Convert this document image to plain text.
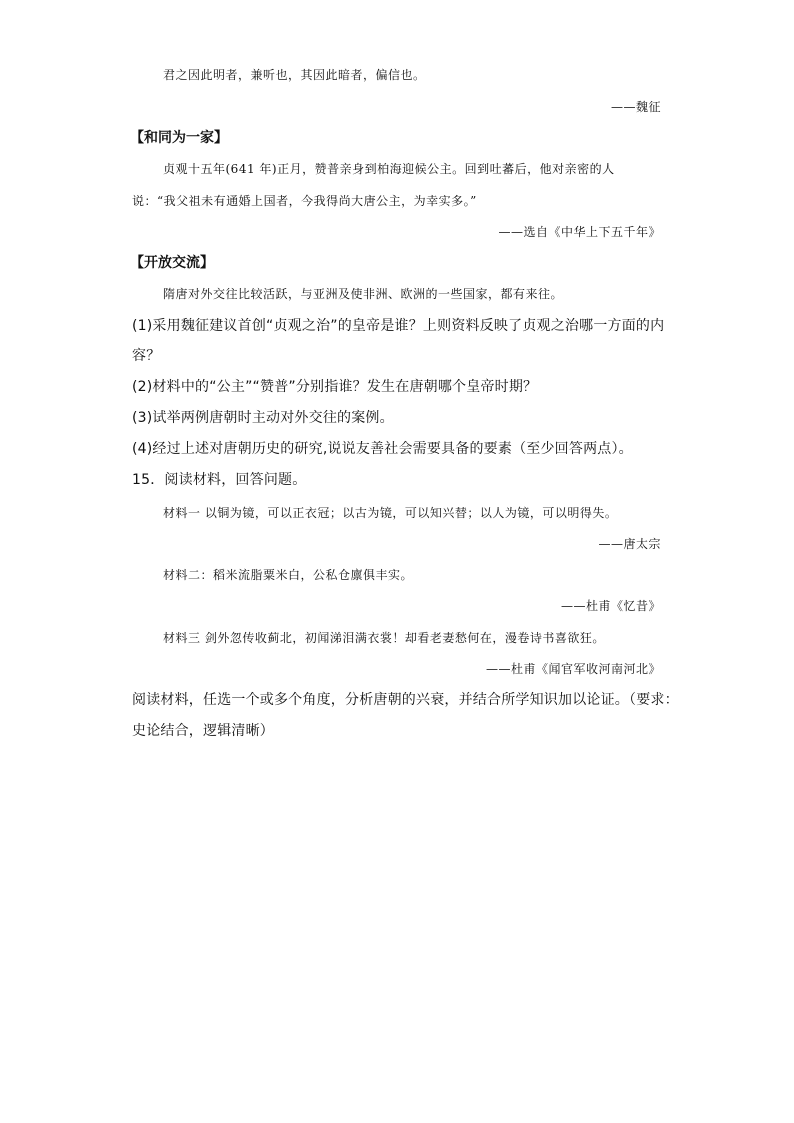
君之因此明者，兼听也，其因此暗者，偏信也。
——魏征
【和同为一家】
贞观十五年(641 年)正月，赞普亲身到柏海迎候公主。回到吐蕃后，他对亲密的人
说：“我父祖未有通婚上国者，今我得尚大唐公主，为幸实多。”
——选自《中华上下五千年》
【开放交流】
隋唐对外交往比较活跃，与亚洲及使非洲、欧洲的一些国家，都有来往。
(1)采用魏征建议首创“贞观之治”的皇帝是谁？上则资料反映了贞观之治哪一方面的内
容？
(2)材料中的“公主”“赞普”分别指谁？发生在唐朝哪个皇帝时期？
(3)试举两例唐朝时主动对外交往的案例。
(4)经过上述对唐朝历史的研究,说说友善社会需要具备的要素（至少回答两点）。
15．阅读材料，回答问题。
材料一 以铜为镜，可以正衣冠；以古为镜，可以知兴替；以人为镜，可以明得失。
——唐太宗
材料二：稻米流脂粟米白，公私仓廪俱丰实。
——杜甫《忆昔》
材料三 剑外忽传收蓟北，初闻涕泪满衣裳！却看老妻愁何在，漫卷诗书喜欲狂。
——杜甫《闻官军收河南河北》
阅读材料，任选一个或多个角度，分析唐朝的兴衰，并结合所学知识加以论证。（要求：
史论结合，逻辑清晰）
